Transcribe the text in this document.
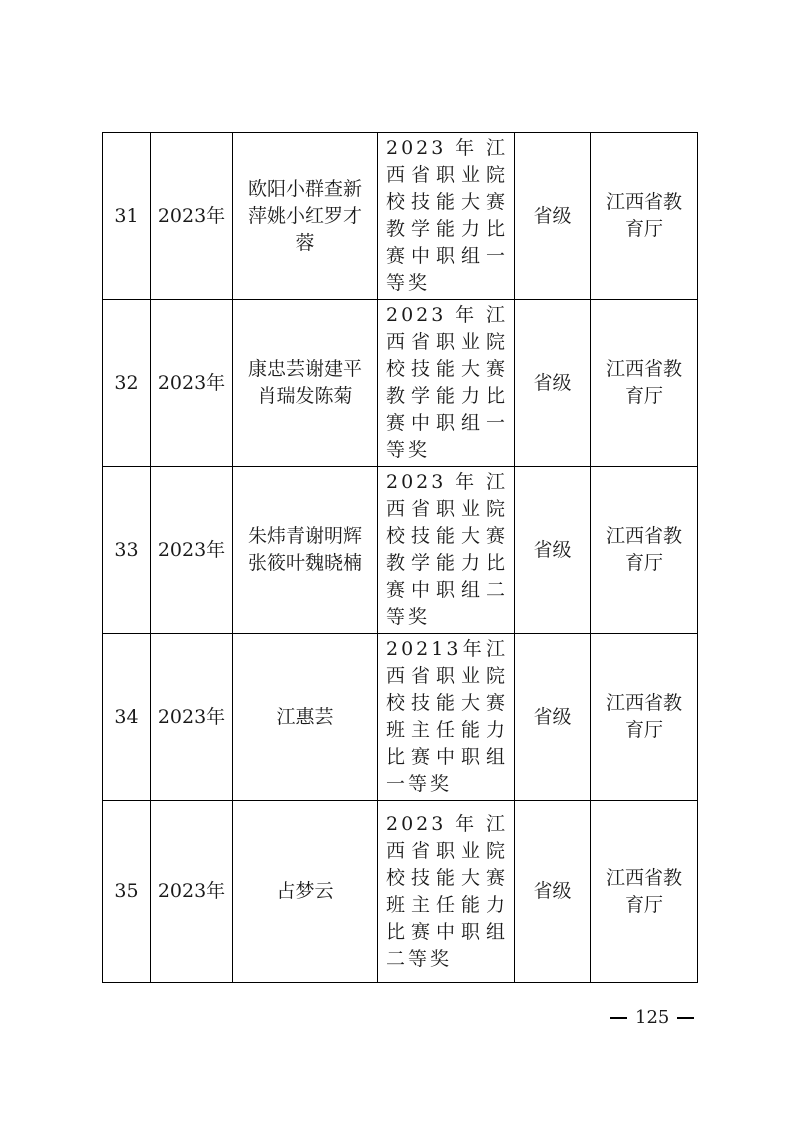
31	2023年	欧阳小群查新萍姚小红罗才蓉	2023年江西省职业院校技能大赛教学能力比赛中职组一等奖	省级	江西省教育厅
32	2023年	康忠芸谢建平肖瑞发陈菊	2023年江西省职业院校技能大赛教学能力比赛中职组一等奖	省级	江西省教育厅
33	2023年	朱炜青谢明辉张筱叶魏晓楠	2023年江西省职业院校技能大赛教学能力比赛中职组二等奖	省级	江西省教育厅
34	2023年	江惠芸	20213年江西省职业院校技能大赛班主任能力比赛中职组一等奖	省级	江西省教育厅
35	2023年	占梦云	2023年江西省职业院校技能大赛班主任能力比赛中职组二等奖	省级	江西省教育厅
125
